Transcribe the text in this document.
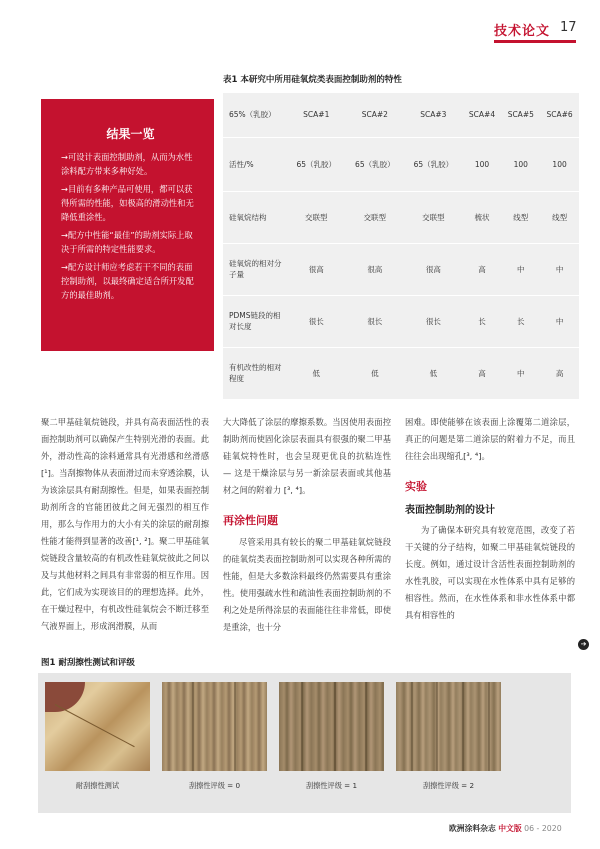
技术论文 17
结果一览
→可设计表面控制助剂，从而为水性涂料配方带来多种好处。
→目前有多种产品可使用，都可以获得所需的性能，如极高的滑动性和无降低重涂性。
→配方中性能“最佳”的助剂实际上取决于所需的特定性能要求。
→配方设计师应考虑若干不同的表面控制助剂，以最终确定适合所开发配方的最佳助剂。
表1 本研究中所用硅氧烷类表面控制助剂的特性
65%（乳胶）	SCA#1	SCA#2	SCA#3	SCA#4	SCA#5	SCA#6
活性/%	65（乳胶）	65（乳胶）	65（乳胶）	100	100	100
硅氧烷结构	交联型	交联型	交联型	梳状	线型	线型
硅氧烷的相对分子量	很高	很高	很高	高	中	中
PDMS链段的相对长度	很长	很长	很长	长	长	中
有机改性的相对程度	低	低	低	高	中	高

聚二甲基硅氧烷链段，并具有高表面活性的表面控制助剂可以确保产生特别光滑的表面。此外，滑动性高的涂料通常具有光滑感和丝滑感[¹]。当刮擦物体从表面滑过而未穿透涂膜，认为该涂层具有耐刮擦性。但是，如果表面控制助剂所含的官能团彼此之间无强烈的相互作用，那么与作用力的大小有关的涂层的耐刮擦性能才能得到显著的改善[¹, ²]。聚二甲基硅氧烷链段含量较高的有机改性硅氧烷彼此之间以及与其他材料之间具有非常弱的相互作用。因此，它们成为实现该目的的理想选择。此外，在干燥过程中，有机改性硅氧烷会不断迁移至气液界面上，形成润滑膜，从而

大大降低了涂层的摩擦系数。当因使用表面控制助剂而使固化涂层表面具有很强的聚二甲基硅氧烷特性时，也会呈现更优良的抗粘连性 — 这是干燥涂层与另一新涂层表面或其他基材之间的附着力 [³, ⁴]。

再涂性问题

尽管采用具有较长的聚二甲基硅氧烷链段的硅氧烷类表面控制助剂可以实现各种所需的性能，但是大多数涂料最终仍然需要具有重涂性。使用强疏水性和疏油性表面控制助剂的不利之处是所得涂层的表面能往往非常低，即使是重涂，也十分

困难。即使能够在该表面上涂覆第二道涂层，真正的问题是第二道涂层的附着力不足，而且往往会出现缩孔[³, ⁴]。

实验
表面控制助剂的设计

为了确保本研究具有较宽范围，改变了若干关键的分子结构，如聚二甲基硅氧烷链段的长度。例如，通过设计含活性表面控制助剂的水性乳胶，可以实现在水性体系中具有足够的相容性。然而，在水性体系和非水性体系中都具有相容性的

➔
图1 耐刮擦性测试和评级
耐刮擦性测试	刮擦性评级 = 0	刮擦性评级 = 1	刮擦性评级 = 2
欧洲涂料杂志 中文版 06 - 2020
